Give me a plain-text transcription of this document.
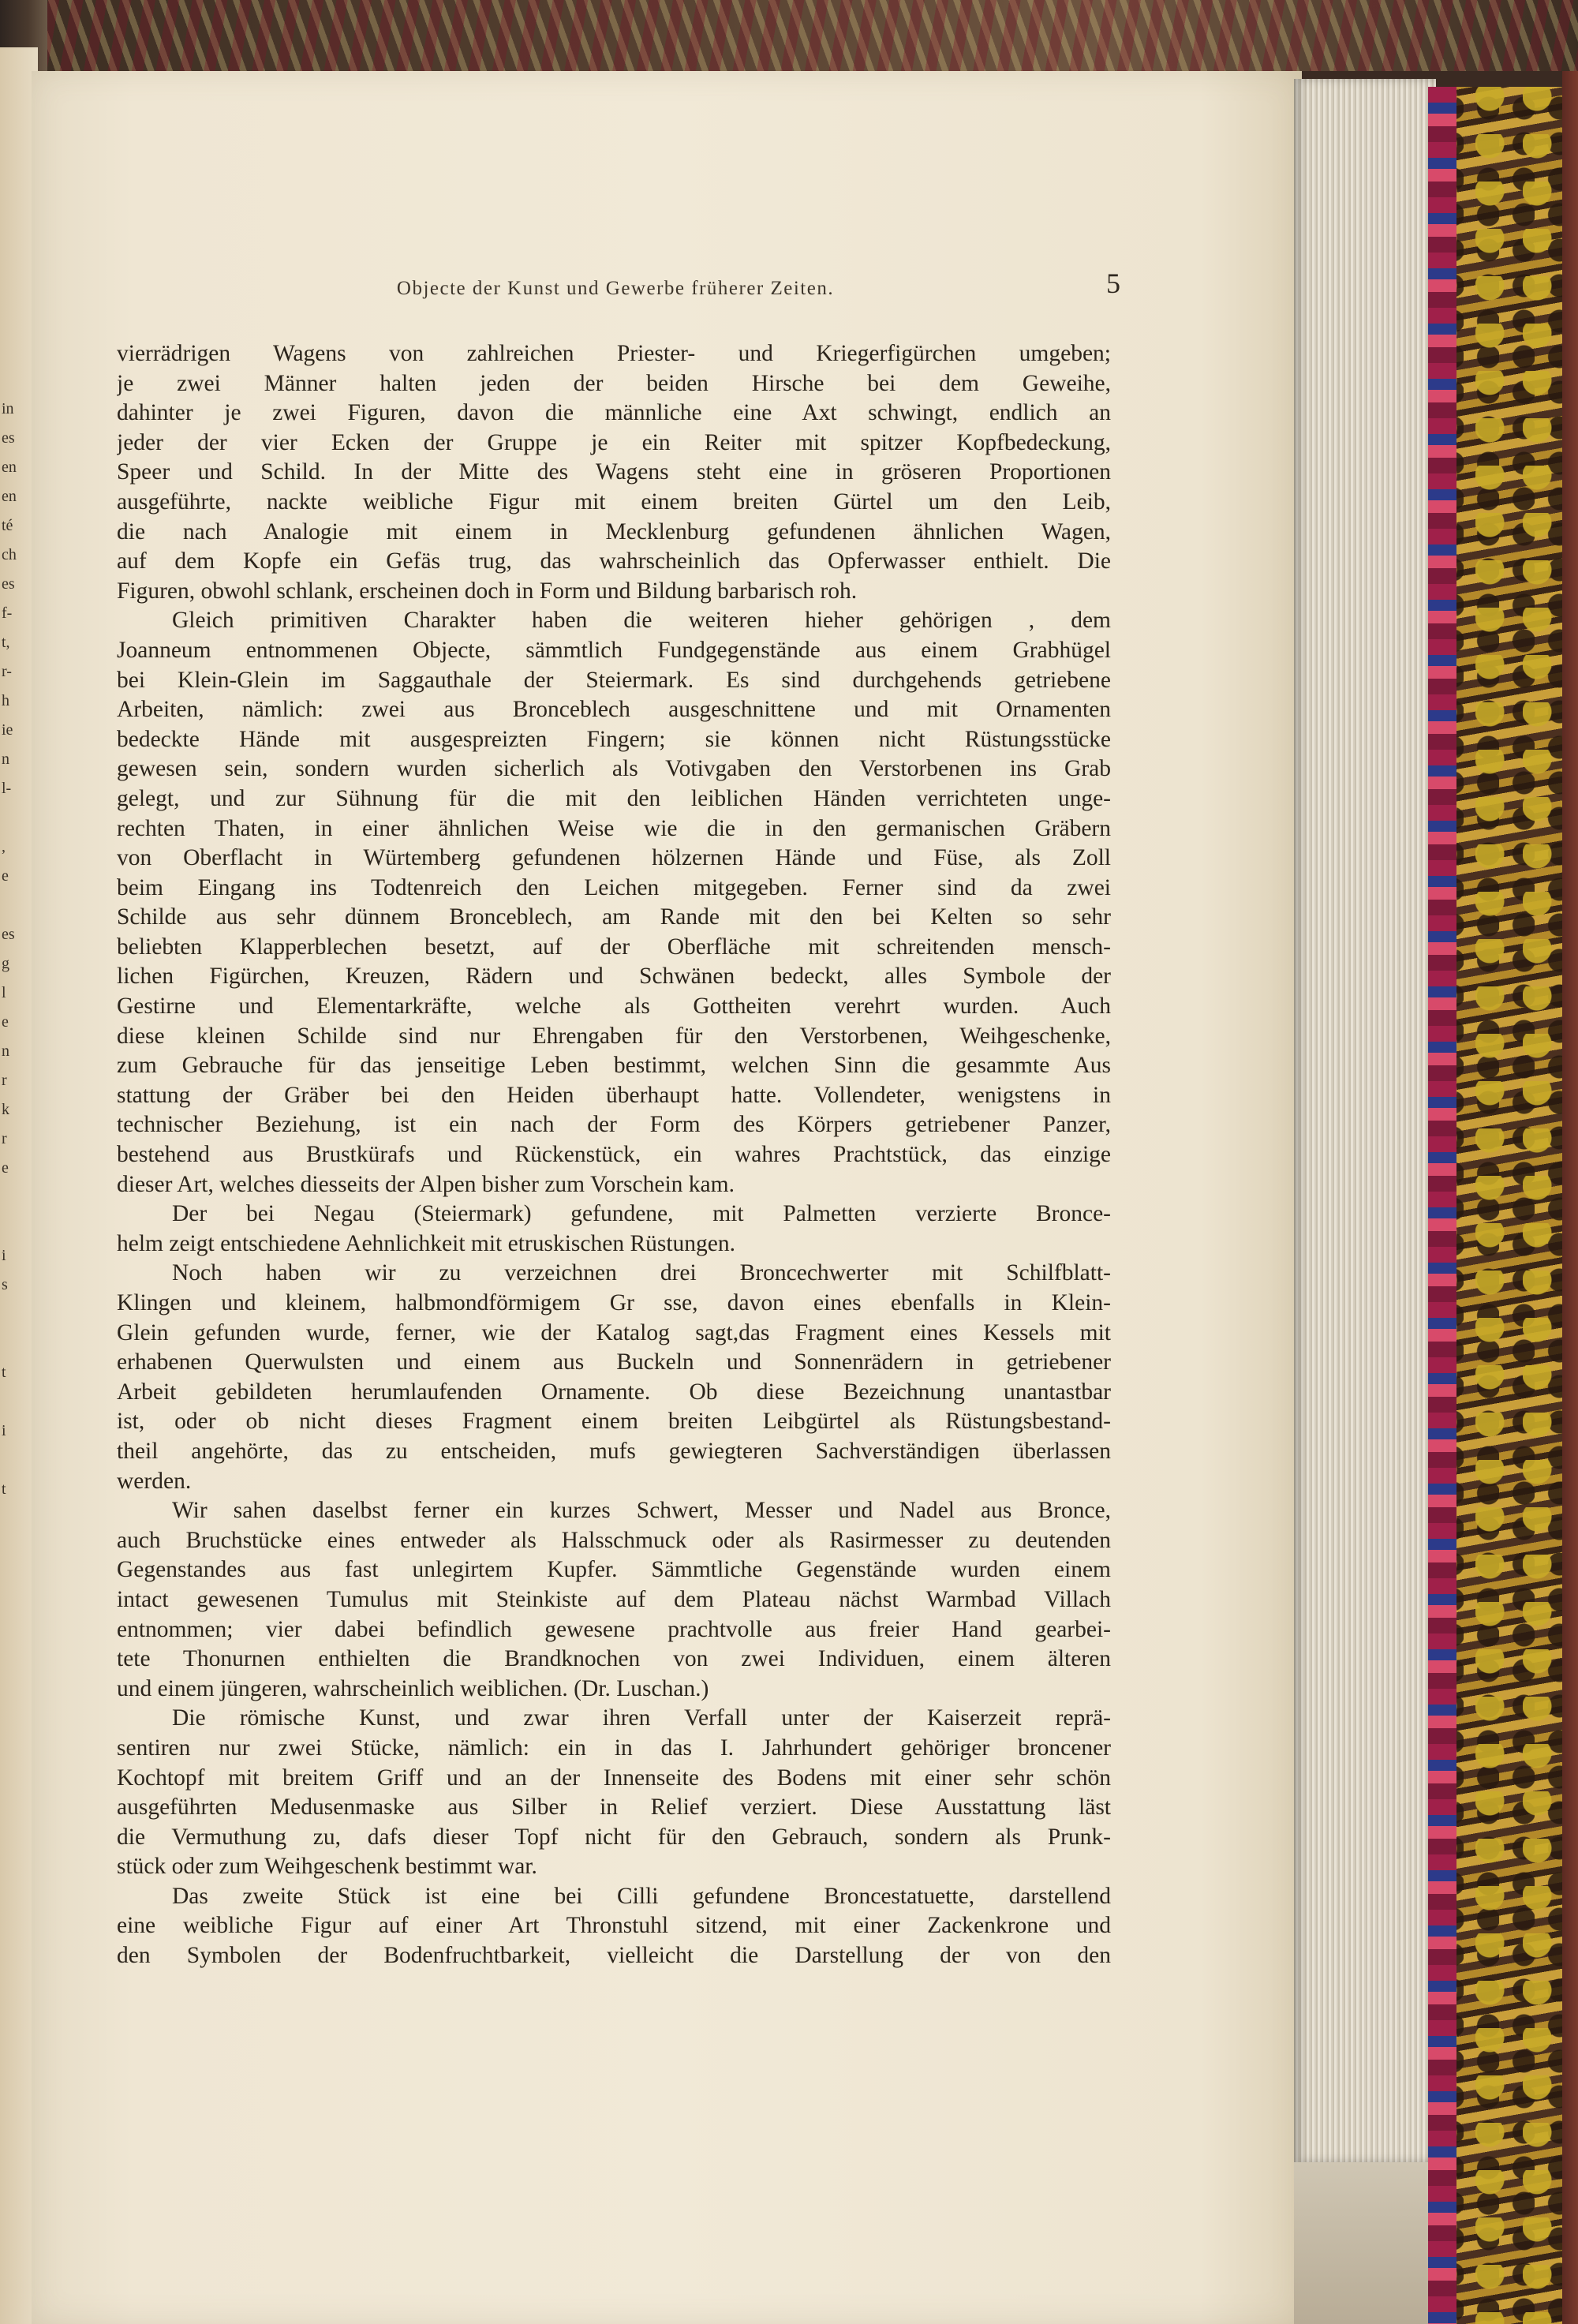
in
es
en
en
té
ch
es
f-
t,
r-
h
ie
n
l-
,
e
es
g
l
e
n
r
k
r
e
i
s
t
i
t
Objecte der Kunst und Gewerbe früherer Zeiten.	5
vierrädrigen Wagens von zahlreichen Priester- und Kriegerfigürchen umgeben;
je zwei Männer halten jeden der beiden Hirsche bei dem Geweihe,
dahinter je zwei Figuren, davon die männliche eine Axt schwingt, endlich an
jeder der vier Ecken der Gruppe je ein Reiter mit spitzer Kopfbedeckung,
Speer und Schild. In der Mitte des Wagens steht eine in gröseren Proportionen
ausgeführte, nackte weibliche Figur mit einem breiten Gürtel um den Leib,
die nach Analogie mit einem in Mecklenburg gefundenen ähnlichen Wagen,
auf dem Kopfe ein Gefäs trug, das wahrscheinlich das Opferwasser enthielt. Die
Figuren, obwohl schlank, erscheinen doch in Form und Bildung barbarisch roh.
Gleich primitiven Charakter haben die weiteren hieher gehörigen , dem
Joanneum entnommenen Objecte, sämmtlich Fundgegenstände aus einem Grabhügel
bei Klein-Glein im Saggauthale der Steiermark. Es sind durchgehends getriebene
Arbeiten, nämlich: zwei aus Bronceblech ausgeschnittene und mit Ornamenten
bedeckte Hände mit ausgespreizten Fingern; sie können nicht Rüstungsstücke
gewesen sein, sondern wurden sicherlich als Votivgaben den Verstorbenen ins Grab
gelegt, und zur Sühnung für die mit den leiblichen Händen verrichteten unge-
rechten Thaten, in einer ähnlichen Weise wie die in den germanischen Gräbern
von Oberflacht in Würtemberg gefundenen hölzernen Hände und Füse, als Zoll
beim Eingang ins Todtenreich den Leichen mitgegeben. Ferner sind da zwei
Schilde aus sehr dünnem Bronceblech, am Rande mit den bei Kelten so sehr
beliebten Klapperblechen besetzt, auf der Oberfläche mit schreitenden mensch-
lichen Figürchen, Kreuzen, Rädern und Schwänen bedeckt, alles Symbole der
Gestirne und Elementarkräfte, welche als Gottheiten verehrt wurden. Auch
diese kleinen Schilde sind nur Ehrengaben für den Verstorbenen, Weihgeschenke,
zum Gebrauche für das jenseitige Leben bestimmt, welchen Sinn die gesammte Aus
stattung der Gräber bei den Heiden überhaupt hatte. Vollendeter, wenigstens in
technischer Beziehung, ist ein nach der Form des Körpers getriebener Panzer,
bestehend aus Brustkürafs und Rückenstück, ein wahres Prachtstück, das einzige
dieser Art, welches diesseits der Alpen bisher zum Vorschein kam.
Der bei Negau (Steiermark) gefundene, mit Palmetten verzierte Bronce-
helm zeigt entschiedene Aehnlichkeit mit etruskischen Rüstungen.
Noch haben wir zu verzeichnen drei Broncechwerter mit Schilfblatt-
Klingen und kleinem, halbmondförmigem Gr sse, davon eines ebenfalls in Klein-
Glein gefunden wurde, ferner, wie der Katalog sagt,das Fragment eines Kessels mit
erhabenen Querwulsten und einem aus Buckeln und Sonnenrädern in getriebener
Arbeit gebildeten herumlaufenden Ornamente. Ob diese Bezeichnung unantastbar
ist, oder ob nicht dieses Fragment einem breiten Leibgürtel als Rüstungsbestand-
theil angehörte, das zu entscheiden, mufs gewiegteren Sachverständigen überlassen
werden.
Wir sahen daselbst ferner ein kurzes Schwert, Messer und Nadel aus Bronce,
auch Bruchstücke eines entweder als Halsschmuck oder als Rasirmesser zu deutenden
Gegenstandes aus fast unlegirtem Kupfer. Sämmtliche Gegenstände wurden einem
intact gewesenen Tumulus mit Steinkiste auf dem Plateau nächst Warmbad Villach
entnommen; vier dabei befindlich gewesene prachtvolle aus freier Hand gearbei-
tete Thonurnen enthielten die Brandknochen von zwei Individuen, einem älteren
und einem jüngeren, wahrscheinlich weiblichen. (Dr. Luschan.)
Die römische Kunst, und zwar ihren Verfall unter der Kaiserzeit reprä-
sentiren nur zwei Stücke, nämlich: ein in das I. Jahrhundert gehöriger broncener
Kochtopf mit breitem Griff und an der Innenseite des Bodens mit einer sehr schön
ausgeführten Medusenmaske aus Silber in Relief verziert. Diese Ausstattung läst
die Vermuthung zu, dafs dieser Topf nicht für den Gebrauch, sondern als Prunk-
stück oder zum Weihgeschenk bestimmt war.
Das zweite Stück ist eine bei Cilli gefundene Broncestatuette, darstellend
eine weibliche Figur auf einer Art Thronstuhl sitzend, mit einer Zackenkrone und
den Symbolen der Bodenfruchtbarkeit, vielleicht die Darstellung der von den
